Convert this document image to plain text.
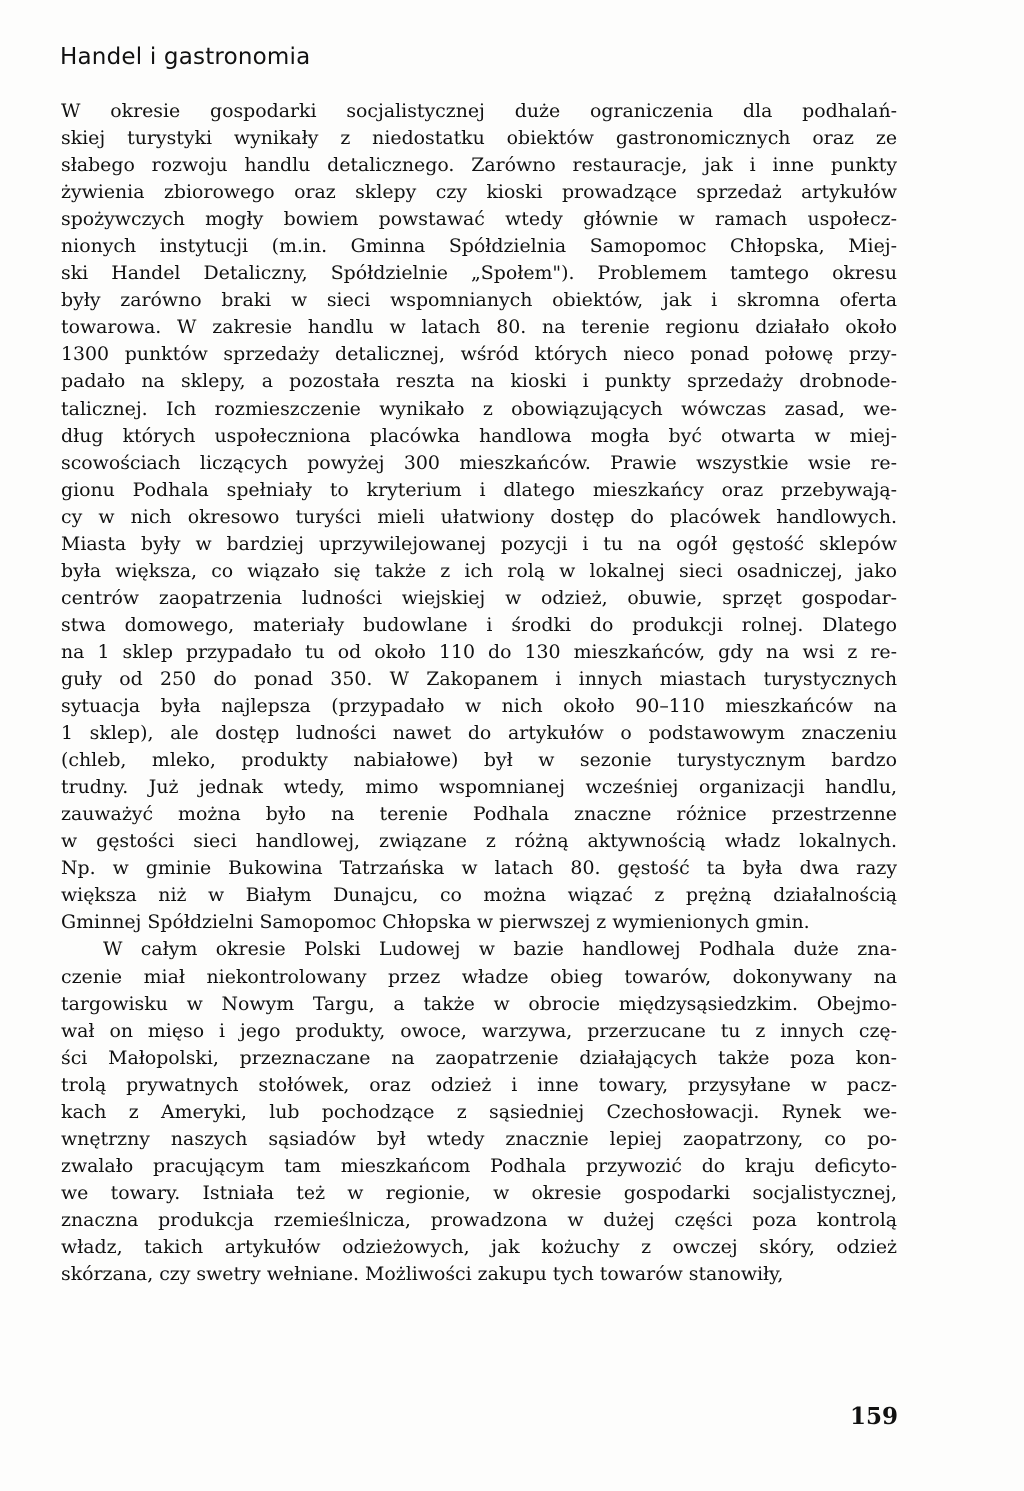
Handel i gastronomia
W okresie gospodarki socjalistycznej duże ograniczenia dla podhalań-
skiej turystyki wynikały z niedostatku obiektów gastronomicznych oraz ze
słabego rozwoju handlu detalicznego. Zarówno restauracje, jak i inne punkty
żywienia zbiorowego oraz sklepy czy kioski prowadzące sprzedaż artykułów
spożywczych mogły bowiem powstawać wtedy głównie w ramach uspołecz-
nionych instytucji (m.in. Gminna Spółdzielnia Samopomoc Chłopska, Miej-
ski Handel Detaliczny, Spółdzielnie „Społem"). Problemem tamtego okresu
były zarówno braki w sieci wspomnianych obiektów, jak i skromna oferta
towarowa. W zakresie handlu w latach 80. na terenie regionu działało około
1300 punktów sprzedaży detalicznej, wśród których nieco ponad połowę przy-
padało na sklepy, a pozostała reszta na kioski i punkty sprzedaży drobnode-
talicznej. Ich rozmieszczenie wynikało z obowiązujących wówczas zasad, we-
dług których uspołeczniona placówka handlowa mogła być otwarta w miej-
scowościach liczących powyżej 300 mieszkańców. Prawie wszystkie wsie re-
gionu Podhala spełniały to kryterium i dlatego mieszkańcy oraz przebywają-
cy w nich okresowo turyści mieli ułatwiony dostęp do placówek handlowych.
Miasta były w bardziej uprzywilejowanej pozycji i tu na ogół gęstość sklepów
była większa, co wiązało się także z ich rolą w lokalnej sieci osadniczej, jako
centrów zaopatrzenia ludności wiejskiej w odzież, obuwie, sprzęt gospodar-
stwa domowego, materiały budowlane i środki do produkcji rolnej. Dlatego
na 1 sklep przypadało tu od około 110 do 130 mieszkańców, gdy na wsi z re-
guły od 250 do ponad 350. W Zakopanem i innych miastach turystycznych
sytuacja była najlepsza (przypadało w nich około 90–110 mieszkańców na
1 sklep), ale dostęp ludności nawet do artykułów o podstawowym znaczeniu
(chleb, mleko, produkty nabiałowe) był w sezonie turystycznym bardzo
trudny. Już jednak wtedy, mimo wspomnianej wcześniej organizacji handlu,
zauważyć można było na terenie Podhala znaczne różnice przestrzenne
w gęstości sieci handlowej, związane z różną aktywnością władz lokalnych.
Np. w gminie Bukowina Tatrzańska w latach 80. gęstość ta była dwa razy
większa niż w Białym Dunajcu, co można wiązać z prężną działalnością
Gminnej Spółdzielni Samopomoc Chłopska w pierwszej z wymienionych gmin.
W całym okresie Polski Ludowej w bazie handlowej Podhala duże zna-
czenie miał niekontrolowany przez władze obieg towarów, dokonywany na
targowisku w Nowym Targu, a także w obrocie międzysąsiedzkim. Obejmo-
wał on mięso i jego produkty, owoce, warzywa, przerzucane tu z innych czę-
ści Małopolski, przeznaczane na zaopatrzenie działających także poza kon-
trolą prywatnych stołówek, oraz odzież i inne towary, przysyłane w pacz-
kach z Ameryki, lub pochodzące z sąsiedniej Czechosłowacji. Rynek we-
wnętrzny naszych sąsiadów był wtedy znacznie lepiej zaopatrzony, co po-
zwalało pracującym tam mieszkańcom Podhala przywozić do kraju deficyto-
we towary. Istniała też w regionie, w okresie gospodarki socjalistycznej,
znaczna produkcja rzemieślnicza, prowadzona w dużej części poza kontrolą
władz, takich artykułów odzieżowych, jak kożuchy z owczej skóry, odzież
skórzana, czy swetry wełniane. Możliwości zakupu tych towarów stanowiły,
159
